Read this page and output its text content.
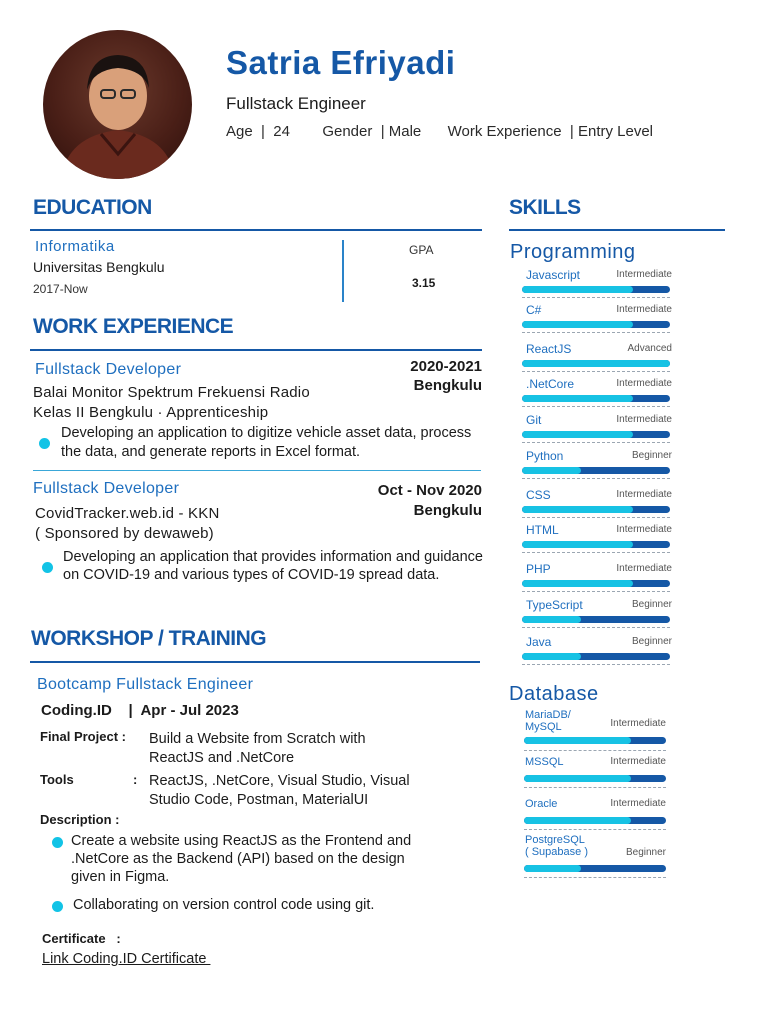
Satria Efriyadi
Fullstack Engineer
Age  |  24 Gender  | Male Work Experience  | Entry Level
EDUCATION
Informatika
Universitas Bengkulu
2017-Now
GPA
3.15
WORK EXPERIENCE
Fullstack Developer
Balai Monitor Spektrum Frekuensi Radio
Kelas II Bengkulu · Apprenticeship
2020-2021
Bengkulu
Developing an application to digitize vehicle asset data, process the data, and generate reports in Excel format.
Fullstack Developer
CovidTracker.web.id - KKN
( Sponsored by dewaweb)
Oct - Nov 2020
Bengkulu
Developing an application that provides information and guidance on COVID-19 and various types of COVID-19 spread data.
WORKSHOP / TRAINING
Bootcamp Fullstack Engineer
Coding.ID    |  Apr - Jul 2023
Final Project : Build a Website from Scratch with ReactJS and .NetCore
Tools	: ReactJS, .NetCore, Visual Studio, Visual Studio Code, Postman, MaterialUI
Description :
Create a website using ReactJS as the Frontend and .NetCore as the Backend (API) based on the design given in Figma.
Collaborating on version control code using git.
Certificate   :
Link Coding.ID Certificate
SKILLS
Programming
Javascript	Intermediate
C#	Intermediate
ReactJS	Advanced
.NetCore	Intermediate
Git	Intermediate
Python	Beginner
CSS	Intermediate
HTML	Intermediate
PHP	Intermediate
TypeScript	Beginner
Java	Beginner
Database
MariaDB/
MySQL	Intermediate
MSSQL	Intermediate
Oracle	Intermediate
PostgreSQL
( Supabase )	Beginner
